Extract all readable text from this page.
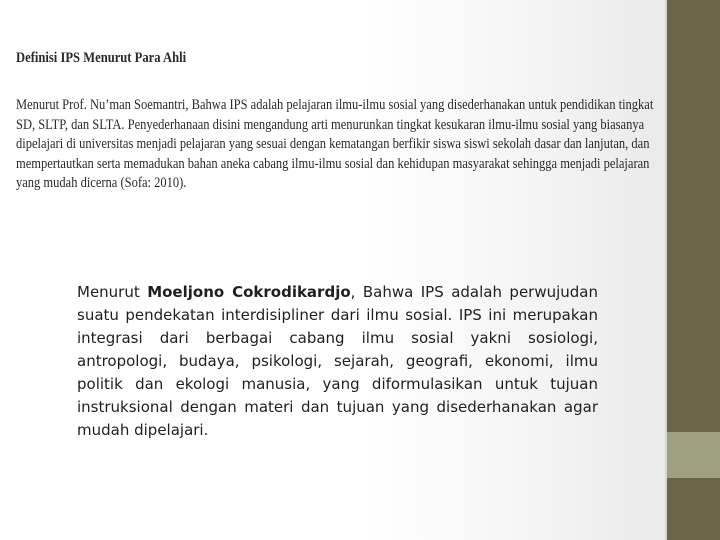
Definisi IPS Menurut Para Ahli

Menurut Prof. Nu’man Soemantri, Bahwa IPS adalah pelajaran ilmu-ilmu sosial yang disederhanakan untuk pendidikan tingkat SD, SLTP, dan SLTA. Penyederhanaan disini mengandung arti menurunkan tingkat kesukaran ilmu-ilmu sosial yang biasanya dipelajari di universitas menjadi pelajaran yang sesuai dengan kematangan berfikir siswa siswi sekolah dasar dan lanjutan, dan mempertautkan serta memadukan bahan aneka cabang ilmu-ilmu sosial dan kehidupan masyarakat sehingga menjadi pelajaran yang mudah dicerna (Sofa: 2010).

Menurut Moeljono Cokrodikardjo, Bahwa IPS adalah perwujudan suatu pendekatan interdisipliner dari ilmu sosial. IPS ini merupakan integrasi dari berbagai cabang ilmu sosial yakni sosiologi, antropologi, budaya, psikologi, sejarah, geografi, ekonomi, ilmu politik dan ekologi manusia, yang diformulasikan untuk tujuan instruksional dengan materi dan tujuan yang disederhanakan agar mudah dipelajari.
